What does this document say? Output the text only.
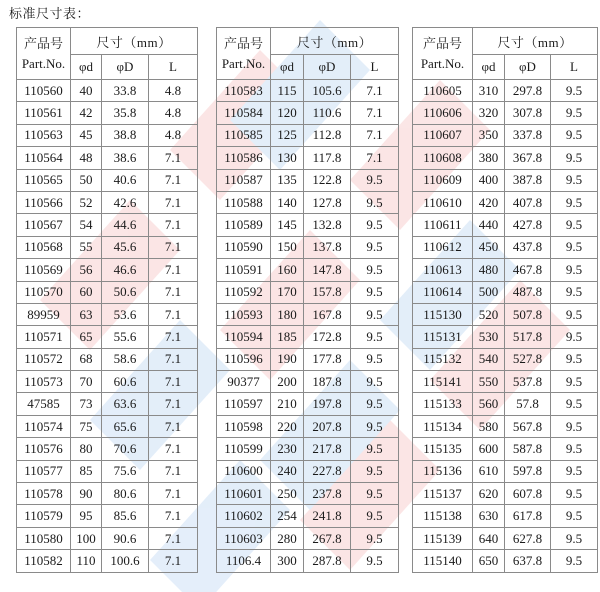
标准尺寸表：
产品号
Part.No.	尺寸（mm）		
	φd	φD	L
110560	40	33.8	4.8
110561	42	35.8	4.8
110563	45	38.8	4.8
110564	48	38.6	7.1
110565	50	40.6	7.1
110566	52	42.6	7.1
110567	54	44.6	7.1
110568	55	45.6	7.1
110569	56	46.6	7.1
110570	60	50.6	7.1
89959	63	53.6	7.1
110571	65	55.6	7.1
110572	68	58.6	7.1
110573	70	60.6	7.1
47585	73	63.6	7.1
110574	75	65.6	7.1
110576	80	70.6	7.1
110577	85	75.6	7.1
110578	90	80.6	7.1
110579	95	85.6	7.1
110580	100	90.6	7.1
110582	110	100.6	7.1
产品号
Part.No.	尺寸（mm）		
	φd	φD	L
110583	115	105.6	7.1
110584	120	110.6	7.1
110585	125	112.8	7.1
110586	130	117.8	7.1
110587	135	122.8	9.5
110588	140	127.8	9.5
110589	145	132.8	9.5
110590	150	137.8	9.5
110591	160	147.8	9.5
110592	170	157.8	9.5
110593	180	167.8	9.5
110594	185	172.8	9.5
110596	190	177.8	9.5
90377	200	187.8	9.5
110597	210	197.8	9.5
110598	220	207.8	9.5
110599	230	217.8	9.5
110600	240	227.8	9.5
110601	250	237.8	9.5
110602	254	241.8	9.5
110603	280	267.8	9.5
1106.4	300	287.8	9.5
产品号
Part.No.	尺寸（mm）		
	φd	φD	L
110605	310	297.8	9.5
110606	320	307.8	9.5
110607	350	337.8	9.5
110608	380	367.8	9.5
110609	400	387.8	9.5
110610	420	407.8	9.5
110611	440	427.8	9.5
110612	450	437.8	9.5
110613	480	467.8	9.5
110614	500	487.8	9.5
115130	520	507.8	9.5
115131	530	517.8	9.5
115132	540	527.8	9.5
115141	550	537.8	9.5
115133	560	57.8	9.5
115134	580	567.8	9.5
115135	600	587.8	9.5
115136	610	597.8	9.5
115137	620	607.8	9.5
115138	630	617.8	9.5
115139	640	627.8	9.5
115140	650	637.8	9.5
